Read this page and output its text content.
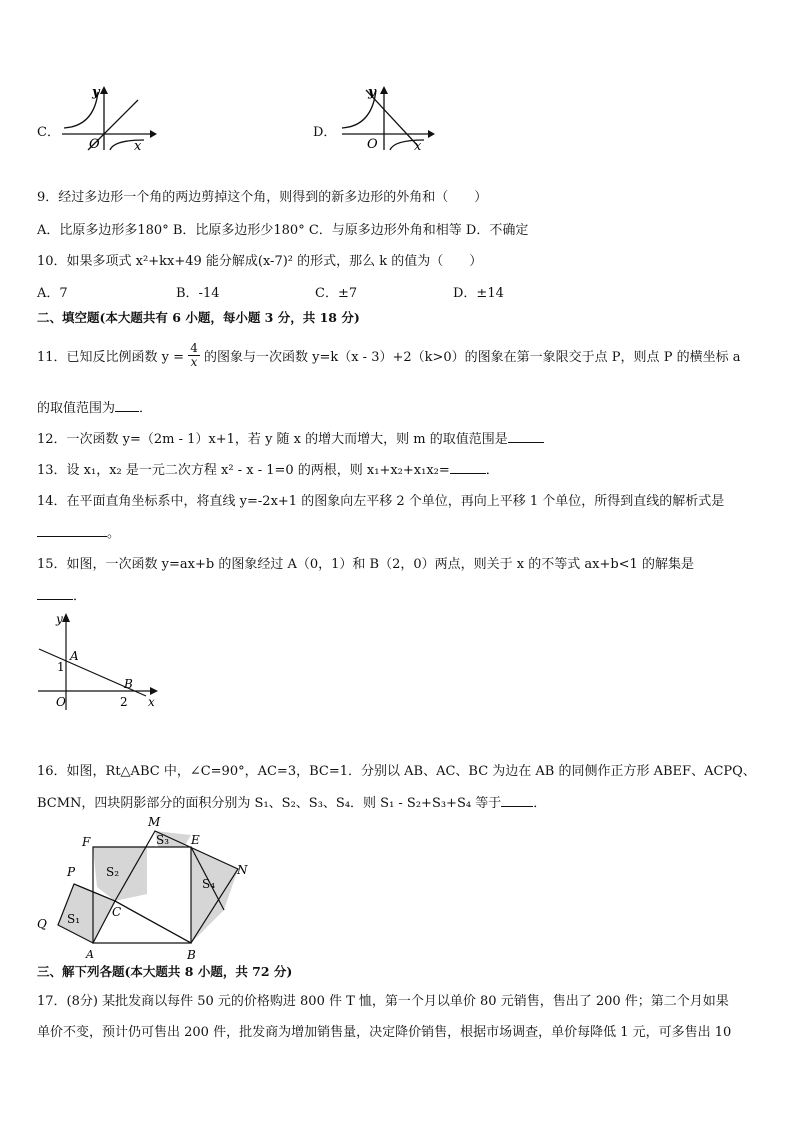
C．
y
O	x
D．
y
O	x
9．经过多边形一个角的两边剪掉这个角，则得到的新多边形的外角和（　　）
A．比原多边形多180° B．比原多边形少180° C．与原多边形外角和相等 D．不确定
10．如果多项式 x²+kx+49 能分解成(x-7)² 的形式，那么 k 的值为（　　）
A．7	B．-14	C．±7	D．±14
二、填空题(本大题共有 6 小题，每小题 3 分，共 18 分)
11．已知反比例函数 $y = \frac{4}{x}$ 的图象与一次函数 y=k（x - 3）+2（k>0）的图象在第一象限交于点 P，则点 P 的横坐标 a
的取值范围为 ．
12．一次函数 y=（2m - 1）x+1，若 y 随 x 的增大而增大，则 m 的取值范围是
13．设 x₁，x₂ 是一元二次方程 x² - x - 1=0 的两根，则 x₁+x₂+x₁x₂=	．
14．在平面直角坐标系中，将直线 y=-2x+1 的图象向左平移 2 个单位，再向上平移 1 个单位，所得到直线的解析式是
。
15．如图，一次函数 y=ax+b 的图象经过 A（0，1）和 B（2，0）两点，则关于 x 的不等式 ax+b<1 的解集是
．
y
x
O
1
2
A
B
16．如图，Rt△ABC 中，∠C=90°，AC=3，BC=1．分别以 AB、AC、BC 为边在 AB 的同侧作正方形 ABEF、ACPQ、
BCMN，四块阴影部分的面积分别为 S₁、S₂、S₃、S₄．则 S₁ - S₂+S₃+S₄ 等于 ．
M
E
F
N
P
Q
C
A	B
S₁
S₂
S₃
S₄
三、解下列各题(本大题共 8 小题，共 72 分)
17．(8分) 某批发商以每件 50 元的价格购进 800 件 T 恤，第一个月以单价 80 元销售，售出了 200 件；第二个月如果
单价不变，预计仍可售出 200 件，批发商为增加销售量，决定降价销售，根据市场调查，单价每降低 1 元，可多售出 10
